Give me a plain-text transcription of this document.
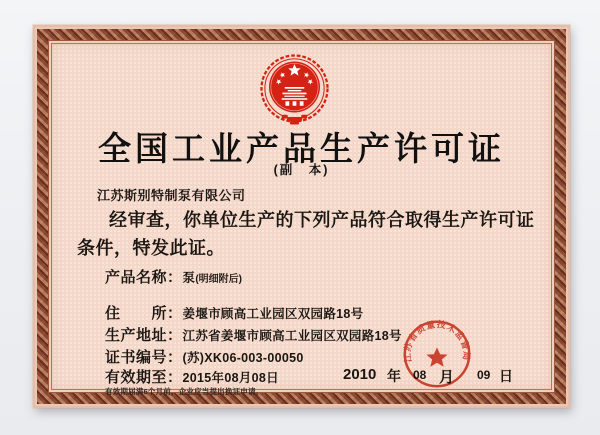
全国工业产品生产许可证
(副　本)
江苏斯别特制泵有限公司
经审查，你单位生产的下列产品符合取得生产许可证
条件，特发此证。
产品名称：泵(明细附后)
住　　所：姜堰市顾高工业园区双园路18号
生产地址：江苏省姜堰市顾高工业园区双园路18号
证书编号：(苏)XK06-003-00050
有效期至：2015年08月08日
有效期届满6个月前，企业应当提出换证申请。
2010 年 08 月 09 日
江苏省质量技术监督局
